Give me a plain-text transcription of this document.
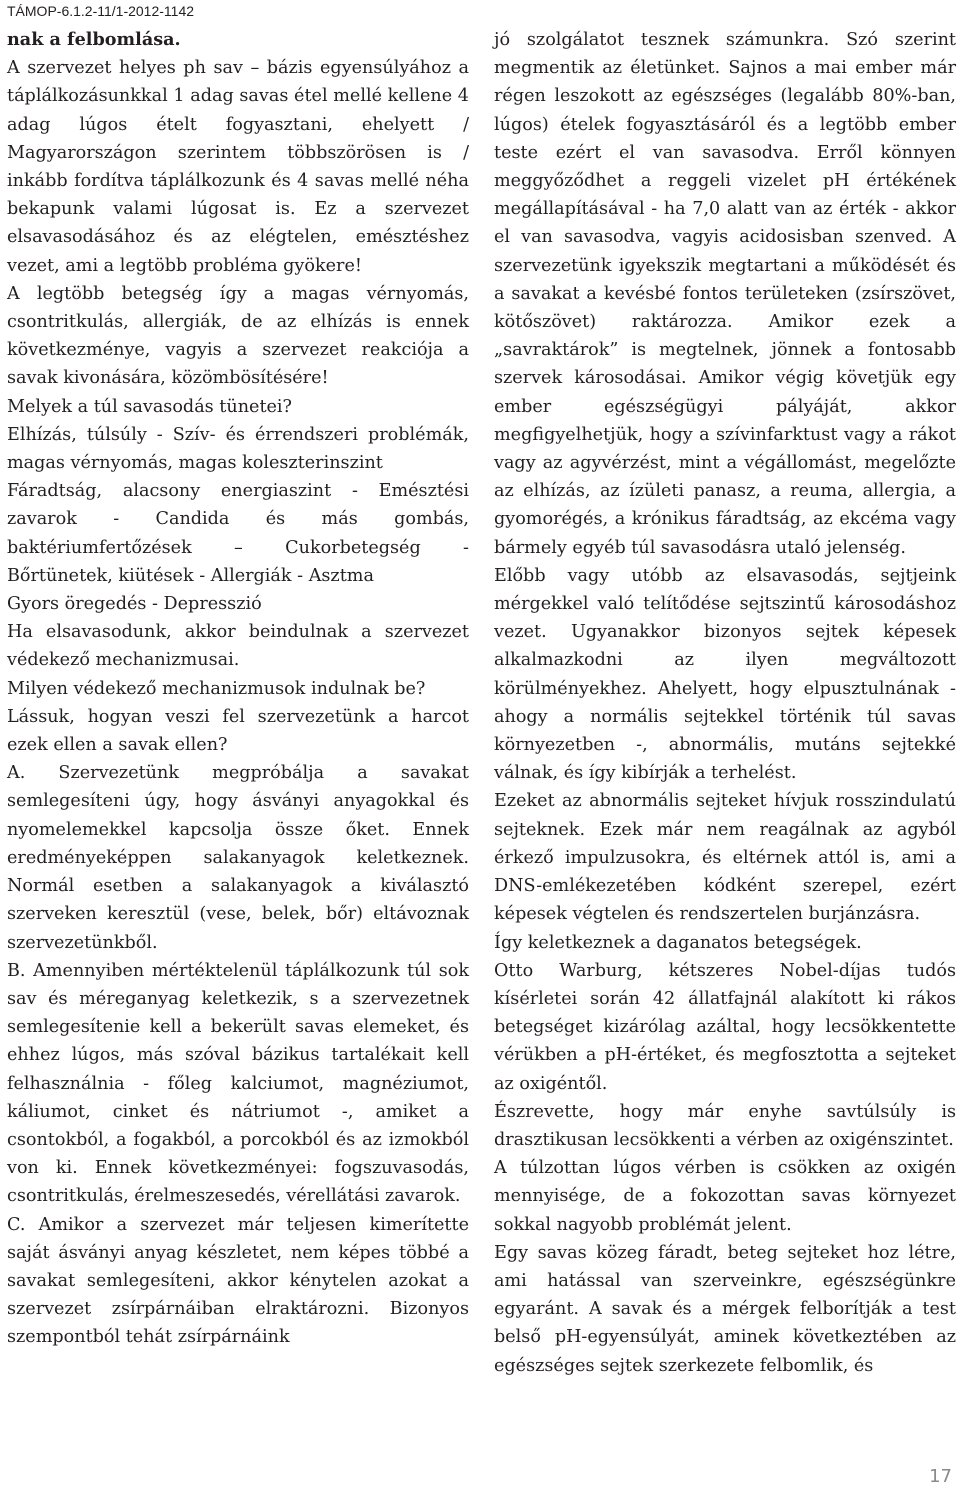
TÁMOP-6.1.2-11/1-2012-1142

nak a felbomlása.

A szervezet helyes ph sav – bázis egyensúlyához a táplálkozásunkkal 1 adag savas étel mellé kellene 4 adag lúgos ételt fogyasztani, ehelyett / Magyarországon szerintem többszörösen is / inkább fordítva táplálkozunk és 4 savas mellé néha bekapunk valami lúgosat is. Ez a szervezet elsavasodásához és az elégtelen, emésztéshez vezet, ami a legtöbb probléma gyökere!

A legtöbb betegség így a magas vérnyomás, csontritkulás, allergiák, de az elhízás is ennek következménye, vagyis a szervezet reakciója a savak kivonására, közömbösítésére!

Melyek a túl savasodás tünetei?

Elhízás, túlsúly - Szív- és érrendszeri problémák, magas vérnyomás, magas koleszterinszint

Fáradtság, alacsony energiaszint - Emésztési zavarok - Candida és más gombás, baktériumfertőzések – Cukorbetegség - Bőrtünetek, kiütések - Allergiák - Asztma

Gyors öregedés - Depresszió

Ha elsavasodunk, akkor beindulnak a szervezet védekező mechanizmusai.

Milyen védekező mechanizmusok indulnak be?

Lássuk, hogyan veszi fel szervezetünk a harcot ezek ellen a savak ellen?

A. Szervezetünk megpróbálja a savakat semlegesíteni úgy, hogy ásványi anyagokkal és nyomelemekkel kapcsolja össze őket. Ennek eredményeképpen salakanyagok keletkeznek. Normál esetben a salakanyagok a kiválasztó szerveken keresztül (vese, belek, bőr) eltávoznak szervezetünkből.

B. Amennyiben mértéktelenül táplálkozunk túl sok sav és méreganyag keletkezik, s a szervezetnek semlegesítenie kell a bekerült savas elemeket, és ehhez lúgos, más szóval bázikus tartalékait kell felhasználnia - főleg kalciumot, magnéziumot, káliumot, cinket és nátriumot -, amiket a csontokból, a fogakból, a porcokból és az izmokból von ki. Ennek következményei: fogszuvasodás, csontritkulás, érelmeszesedés, vérellátási zavarok.

C. Amikor a szervezet már teljesen kimerítette saját ásványi anyag készletet, nem képes többé a savakat semlegesíteni, akkor kénytelen azokat a szervezet zsírpárnáiban elraktározni. Bizonyos szempontból tehát zsírpárnáink

jó szolgálatot tesznek számunkra. Szó szerint megmentik az életünket. Sajnos a mai ember már régen leszokott az egészséges (legalább 80%-ban, lúgos) ételek fogyasztásáról és a legtöbb ember teste ezért el van savasodva. Erről könnyen meggyőződhet a reggeli vizelet pH értékének megállapításával - ha 7,0 alatt van az érték - akkor el van savasodva, vagyis acidosisban szenved. A szervezetünk igyekszik megtartani a működését és a savakat a kevésbé fontos területeken (zsírszövet, kötőszövet) raktározza. Amikor ezek a „savraktárok” is megtelnek, jönnek a fontosabb szervek károsodásai. Amikor végig követjük egy ember egészségügyi pályáját, akkor megfigyelhetjük, hogy a szívinfarktust vagy a rákot vagy az agyvérzést, mint a végállomást, megelőzte az elhízás, az ízületi panasz, a reuma, allergia, a gyomorégés, a krónikus fáradtság, az ekcéma vagy bármely egyéb túl savasodásra utaló jelenség.

Előbb vagy utóbb az elsavasodás, sejtjeink mérgekkel való telítődése sejtszintű károsodáshoz vezet. Ugyanakkor bizonyos sejtek képesek alkalmazkodni az ilyen megváltozott körülményekhez. Ahelyett, hogy elpusztulnának - ahogy a normális sejtekkel történik túl savas környezetben -, abnormális, mutáns sejtekké válnak, és így kibírják a terhelést.

Ezeket az abnormális sejteket hívjuk rosszindulatú sejteknek. Ezek már nem reagálnak az agyból érkező impulzusokra, és eltérnek attól is, ami a DNS-emlékezetében kódként szerepel, ezért képesek végtelen és rendszertelen burjánzásra.

Így keletkeznek a daganatos betegségek.

Otto Warburg, kétszeres Nobel-díjas tudós kísérletei során 42 állatfajnál alakított ki rákos betegséget kizárólag azáltal, hogy lecsökkentette vérükben a pH-értéket, és megfosztotta a sejteket az oxigéntől.

Észrevette, hogy már enyhe savtúlsúly is drasztikusan lecsökkenti a vérben az oxigénszintet.

A túlzottan lúgos vérben is csökken az oxigén mennyisége, de a fokozottan savas környezet sokkal nagyobb problémát jelent.

Egy savas közeg fáradt, beteg sejteket hoz létre, ami hatással van szerveinkre, egészségünkre egyaránt. A savak és a mérgek felborítják a test belső pH-egyensúlyát, aminek következtében az egészséges sejtek szerkezete felbomlik, és

17
